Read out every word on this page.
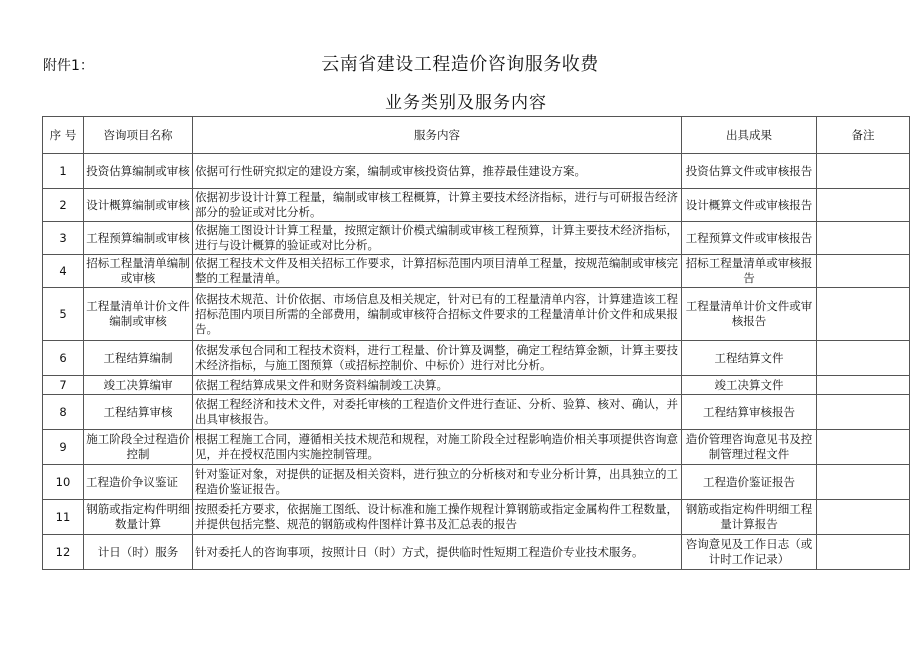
附件1：	云南省建设工程造价咨询服务收费
业务类别及服务内容
序 号	咨询项目名称	服务内容	出具成果	备注
1	投资估算编制或审核	依据可行性研究拟定的建设方案，编制或审核投资估算，推荐最佳建设方案。	投资估算文件或审核报告	
2	设计概算编制或审核	依据初步设计计算工程量，编制或审核工程概算，计算主要技术经济指标，进行与可研报告经济部分的验证或对比分析。	设计概算文件或审核报告	
3	工程预算编制或审核	依据施工图设计计算工程量，按照定额计价模式编制或审核工程预算，计算主要技术经济指标，进行与设计概算的验证或对比分析。	工程预算文件或审核报告	
4	招标工程量清单编制或审核	依据工程技术文件及相关招标工作要求，计算招标范围内项目清单工程量，按规范编制或审核完整的工程量清单。	招标工程量清单或审核报告	
5	工程量清单计价文件编制或审核	依据技术规范、计价依据、市场信息及相关规定，针对已有的工程量清单内容，计算建造该工程招标范围内项目所需的全部费用，编制或审核符合招标文件要求的工程量清单计价文件和成果报告。	工程量清单计价文件或审核报告	
6	工程结算编制	依据发承包合同和工程技术资料，进行工程量、价计算及调整，确定工程结算金额，计算主要技术经济指标，与施工图预算（或招标控制价、中标价）进行对比分析。	工程结算文件	
7	竣工决算编审	依据工程结算成果文件和财务资料编制竣工决算。	竣工决算文件	
8	工程结算审核	依据工程经济和技术文件，对委托审核的工程造价文件进行查证、分析、验算、核对、确认，并出具审核报告。	工程结算审核报告	
9	施工阶段全过程造价控制	根据工程施工合同，遵循相关技术规范和规程，对施工阶段全过程影响造价相关事项提供咨询意见，并在授权范围内实施控制管理。	造价管理咨询意见书及控制管理过程文件	
10	工程造价争议鉴证	针对鉴证对象，对提供的证据及相关资料，进行独立的分析核对和专业分析计算，出具独立的工程造价鉴证报告。	工程造价鉴证报告	
11	钢筋或指定构件明细数量计算	按照委托方要求，依据施工图纸、设计标准和施工操作规程计算钢筋或指定金属构件工程数量，并提供包括完整、规范的钢筋或构件图样计算书及汇总表的报告	钢筋或指定构件明细工程量计算报告	
12	计日（时）服务	针对委托人的咨询事项，按照计日（时）方式，提供临时性短期工程造价专业技术服务。	咨询意见及工作日志（或计时工作记录）	
